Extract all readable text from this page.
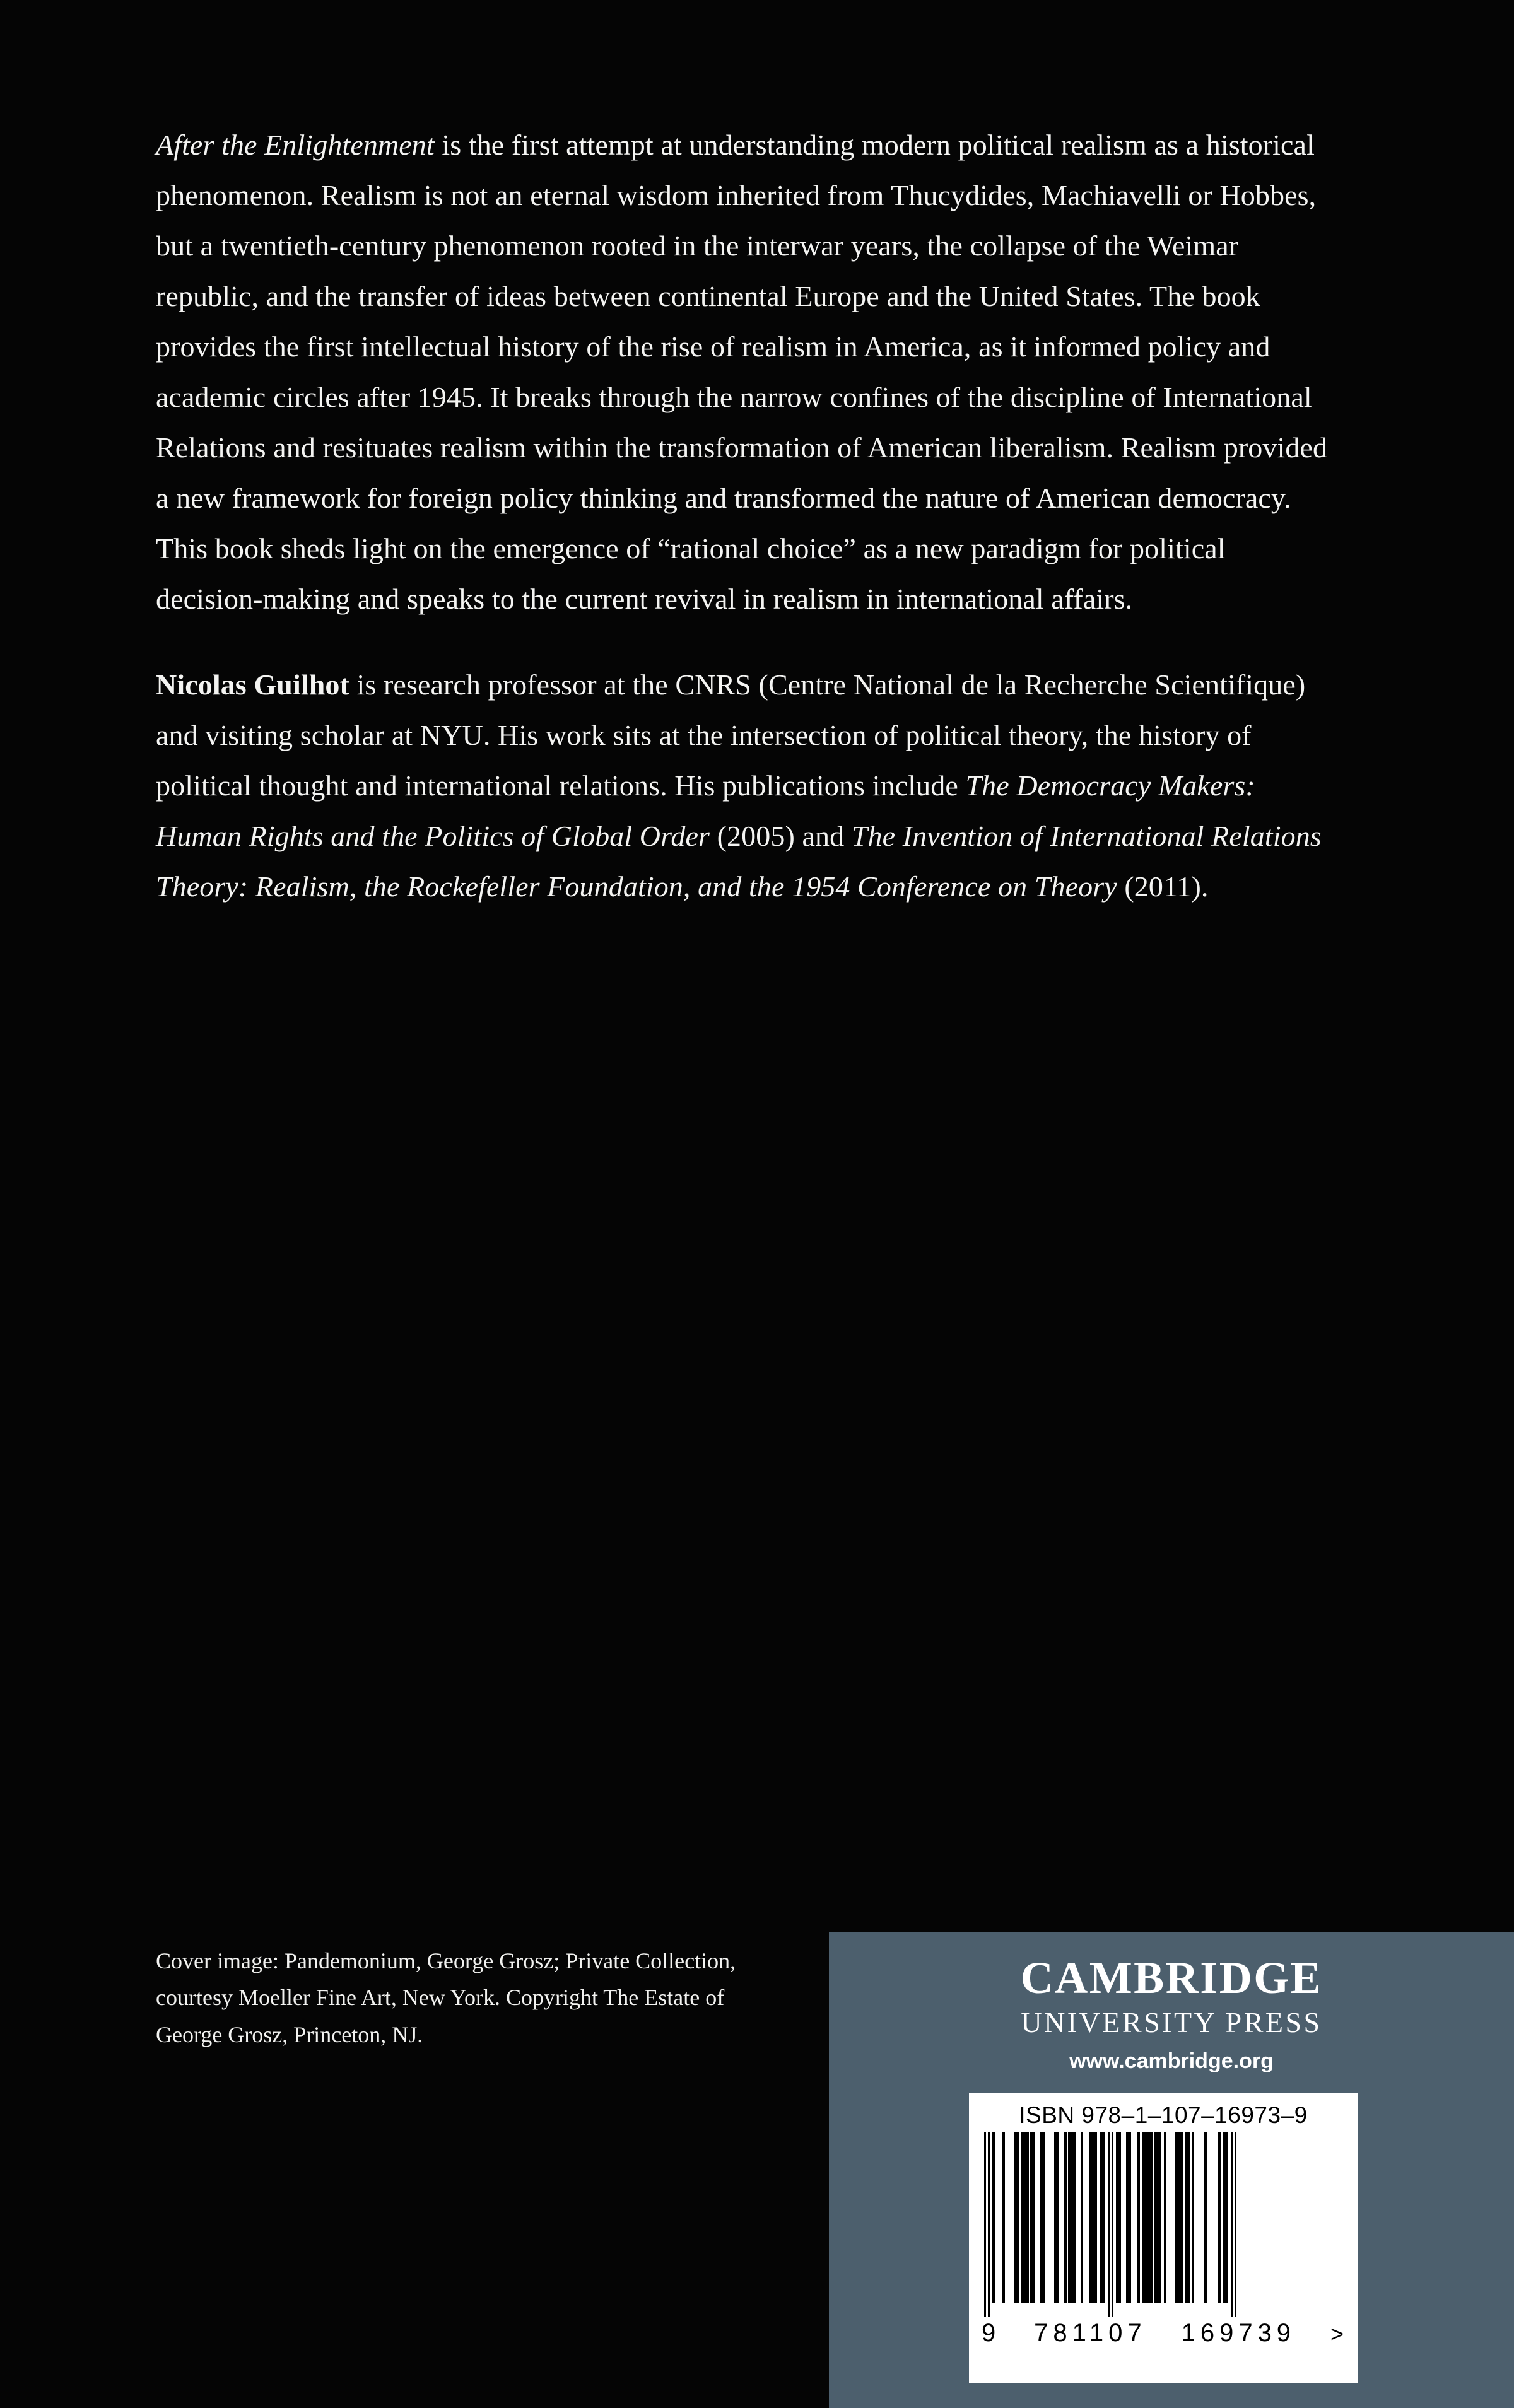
After the Enlightenment is the first attempt at understanding modern political realism as a historical phenomenon. Realism is not an eternal wisdom inherited from Thucydides, Machiavelli or Hobbes, but a twentieth-century phenomenon rooted in the interwar years, the collapse of the Weimar republic, and the transfer of ideas between continental Europe and the United States. The book provides the first intellectual history of the rise of realism in America, as it informed policy and academic circles after 1945. It breaks through the narrow confines of the discipline of International Relations and resituates realism within the transformation of American liberalism. Realism provided a new framework for foreign policy thinking and transformed the nature of American democracy. This book sheds light on the emergence of “rational choice” as a new paradigm for political decision-making and speaks to the current revival in realism in international affairs.

Nicolas Guilhot is research professor at the CNRS (Centre National de la Recherche Scientifique) and visiting scholar at NYU. His work sits at the intersection of political theory, the history of political thought and international relations. His publications include The Democracy Makers: Human Rights and the Politics of Global Order (2005) and The Invention of International Relations Theory: Realism, the Rockefeller Foundation, and the 1954 Conference on Theory (2011).

Cover image: Pandemonium, George Grosz; Private Collection, courtesy Moeller Fine Art, New York. Copyright The Estate of George Grosz, Princeton, NJ.
CAMBRIDGE
UNIVERSITY PRESS
www.cambridge.org
ISBN 978–1–107–16973–9
9 781107 169739 >
